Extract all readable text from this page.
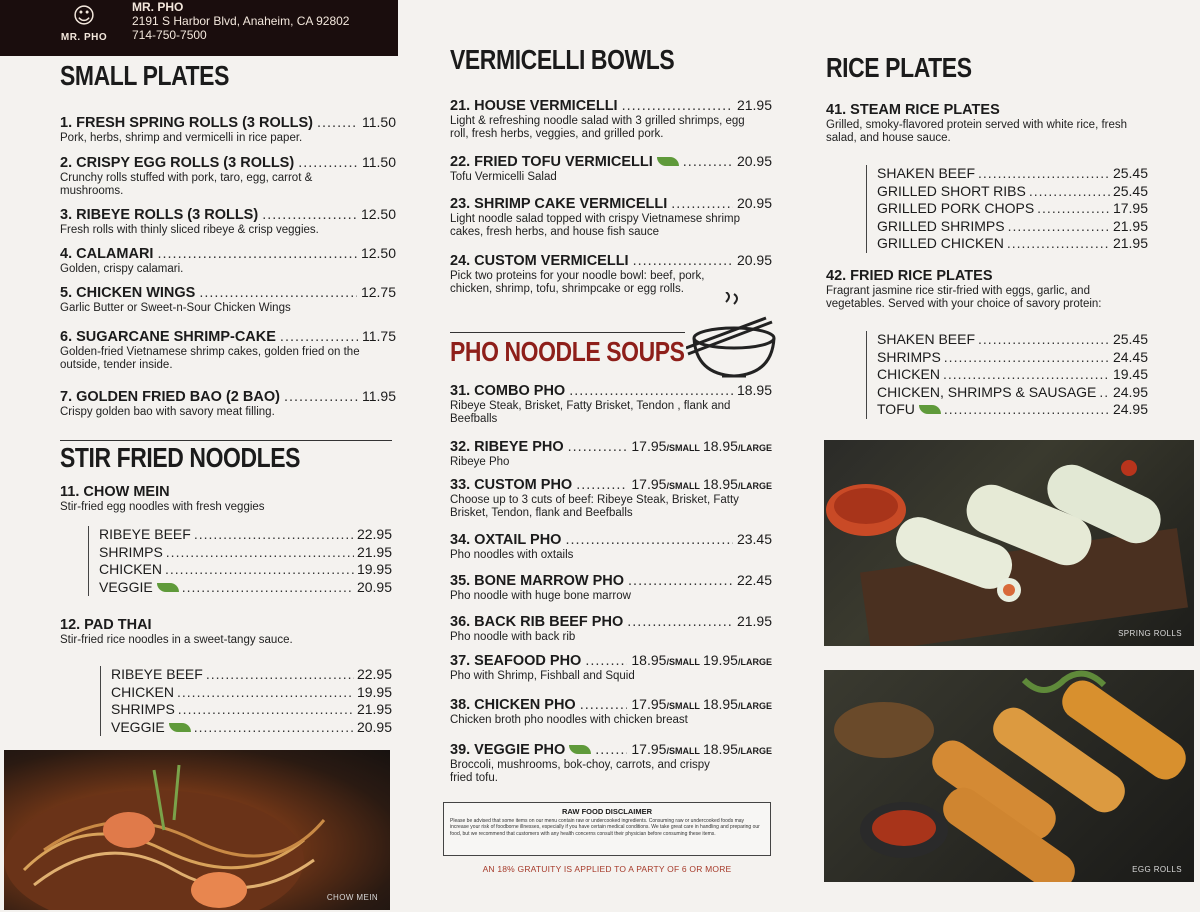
☺
MR. PHO
MR. PHO
2191 S Harbor Blvd, Anaheim, CA 92802
714-750-7500
SMALL PLATES
1. FRESH SPRING ROLLS (3 ROLLS) .....	11.50
Pork, herbs, shrimp and vermicelli in rice paper.
2. CRISPY EGG ROLLS (3 ROLLS) .....	11.50
Crunchy rolls stuffed with pork, taro, egg, carrot & mushrooms.
3. RIBEYE ROLLS (3 ROLLS) .....	12.50
Fresh rolls with thinly sliced ribeye & crisp veggies.
4. CALAMARI .....	12.50
Golden, crispy calamari.
5. CHICKEN WINGS .....	12.75
Garlic Butter or Sweet-n-Sour Chicken Wings
6. SUGARCANE SHRIMP-CAKE .....	11.75
Golden-fried Vietnamese shrimp cakes, golden fried on the outside, tender inside.
7. GOLDEN FRIED BAO (2 BAO) .....	11.95
Crispy golden bao with savory meat filling.
STIR FRIED NOODLES
11. CHOW MEIN
Stir-fried egg noodles with fresh veggies
RIBEYE BEEF .....	22.95
SHRIMPS .....	21.95
CHICKEN .....	19.95
VEGGIE .....	20.95
12. PAD THAI
Stir-fried rice noodles in a sweet-tangy sauce.
RIBEYE BEEF .....	22.95
CHICKEN .....	19.95
SHRIMPS .....	21.95
VEGGIE .....	20.95
CHOW MEIN
VERMICELLI BOWLS
21. HOUSE VERMICELLI .....	21.95
Light & refreshing noodle salad with 3 grilled shrimps, egg roll, fresh herbs, veggies, and grilled pork.
22. FRIED TOFU VERMICELLI .....	20.95
Tofu Vermicelli Salad
23. SHRIMP CAKE VERMICELLI .....	20.95
Light noodle salad topped with crispy Vietnamese shrimp cakes, fresh herbs, and house fish sauce
24. CUSTOM VERMICELLI .....	20.95
Pick two proteins for your noodle bowl: beef, pork, chicken, shrimp, tofu, shrimpcake or egg rolls.
PHO NOODLE SOUPS
31. COMBO PHO .....	18.95
Ribeye Steak, Brisket, Fatty Brisket, Tendon , flank and Beefballs
32. RIBEYE PHO .....	17.95 /SMALL 18.95 /LARGE
Ribeye Pho
33. CUSTOM PHO .....	17.95 /SMALL 18.95 /LARGE
Choose up to 3 cuts of beef: Ribeye Steak, Brisket, Fatty Brisket, Tendon, flank and Beefballs
34. OXTAIL PHO .....	23.45
Pho noodles with oxtails
35. BONE MARROW PHO .....	22.45
Pho noodle with huge bone marrow
36. BACK RIB BEEF PHO .....	21.95
Pho noodle with back rib
37. SEAFOOD PHO .....	18.95 /SMALL 19.95 /LARGE
Pho with Shrimp, Fishball and Squid
38. CHICKEN PHO .....	17.95 /SMALL 18.95 /LARGE
Chicken broth pho noodles with chicken breast
39. VEGGIE PHO .....	17.95 /SMALL 18.95 /LARGE
Broccoli, mushrooms, bok-choy, carrots, and crispy fried tofu.
RAW FOOD DISCLAIMER
Please be advised that some items on our menu contain raw or undercooked ingredients. Consuming raw or undercooked foods may increase your risk of foodborne illnesses, especially if you have certain medical conditions. We take great care in handling and preparing our food, but we recommend that customers with any health concerns consult their physician before consuming these items.
AN 18% GRATUITY IS APPLIED TO A PARTY OF 6 OR MORE
RICE PLATES
41. STEAM RICE PLATES
Grilled, smoky-flavored protein served with white rice, fresh salad, and house sauce.
SHAKEN BEEF .....	25.45
GRILLED SHORT RIBS .....	25.45
GRILLED PORK CHOPS .....	17.95
GRILLED SHRIMPS .....	21.95
GRILLED CHICKEN .....	21.95
42. FRIED RICE PLATES
Fragrant jasmine rice stir-fried with eggs, garlic, and vegetables. Served with your choice of savory protein:
SHAKEN BEEF .....	25.45
SHRIMPS .....	24.45
CHICKEN .....	19.45
CHICKEN, SHRIMPS & SAUSAGE ..... 24.95
TOFU .....	24.95
SPRING ROLLS
EGG ROLLS
